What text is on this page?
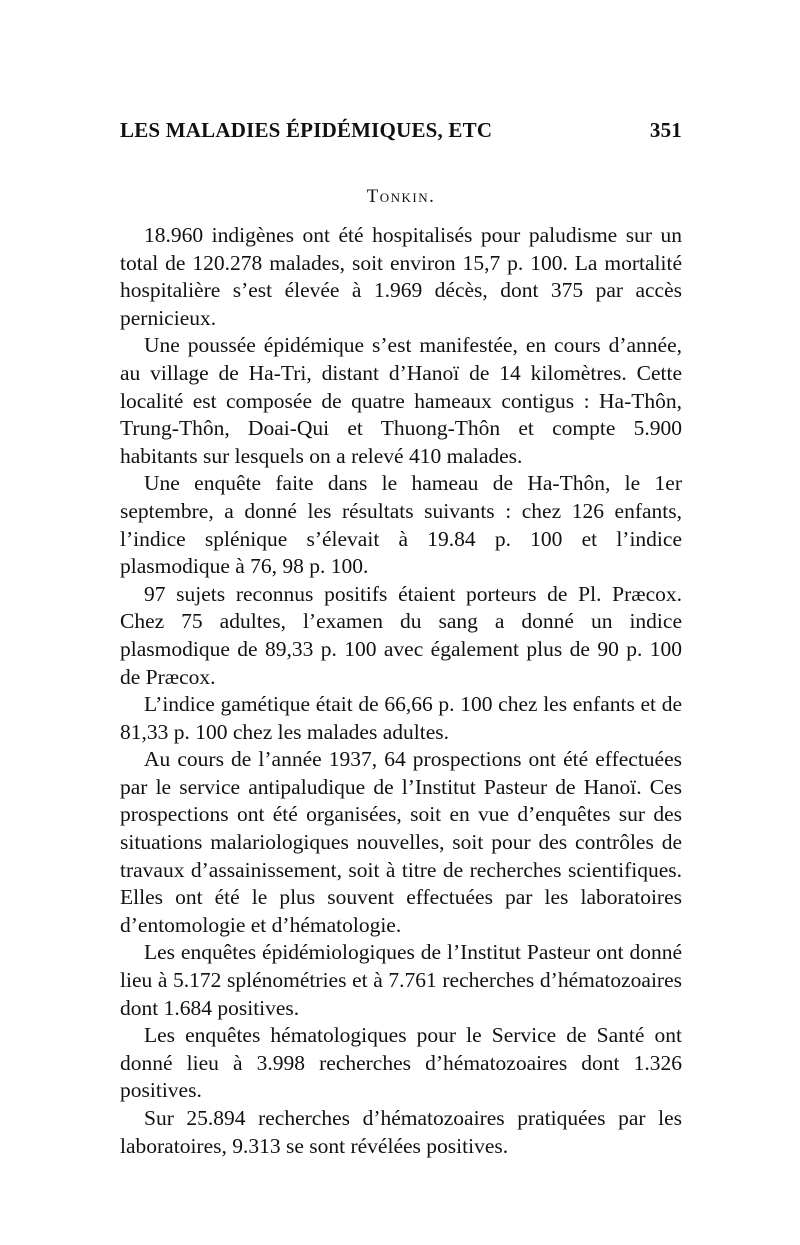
LES MALADIES ÉPIDÉMIQUES, ETC	351
Tonkin.

18.960 indigènes ont été hospitalisés pour paludisme sur un total de 120.278 malades, soit environ 15,7 p. 100. La mortalité hospitalière s’est élevée à 1.969 décès, dont 375 par accès pernicieux.

Une poussée épidémique s’est manifestée, en cours d’année, au village de Ha-Tri, distant d’Hanoï de 14 kilomètres. Cette localité est composée de quatre hameaux contigus : Ha-Thôn, Trung-Thôn, Doai-Qui et Thuong-Thôn et compte 5.900 habitants sur lesquels on a relevé 410 malades.

Une enquête faite dans le hameau de Ha-Thôn, le 1er septembre, a donné les résultats suivants : chez 126 enfants, l’indice splénique s’élevait à 19.84 p. 100 et l’indice plasmodique à 76, 98 p. 100.

97 sujets reconnus positifs étaient porteurs de Pl. Præcox. Chez 75 adultes, l’examen du sang a donné un indice plasmodique de 89,33 p. 100 avec également plus de 90 p. 100 de Præcox.

L’indice gamétique était de 66,66 p. 100 chez les enfants et de 81,33 p. 100 chez les malades adultes.

Au cours de l’année 1937, 64 prospections ont été effectuées par le service antipaludique de l’Institut Pasteur de Hanoï. Ces prospections ont été organisées, soit en vue d’enquêtes sur des situations malariologiques nouvelles, soit pour des contrôles de travaux d’assainissement, soit à titre de recherches scientifiques. Elles ont été le plus souvent effectuées par les laboratoires d’entomologie et d’hématologie.

Les enquêtes épidémiologiques de l’Institut Pasteur ont donné lieu à 5.172 splénométries et à 7.761 recherches d’hématozoaires dont 1.684 positives.

Les enquêtes hématologiques pour le Service de Santé ont donné lieu à 3.998 recherches d’hématozoaires dont 1.326 positives.

Sur 25.894 recherches d’hématozoaires pratiquées par les laboratoires, 9.313 se sont révélées positives.
